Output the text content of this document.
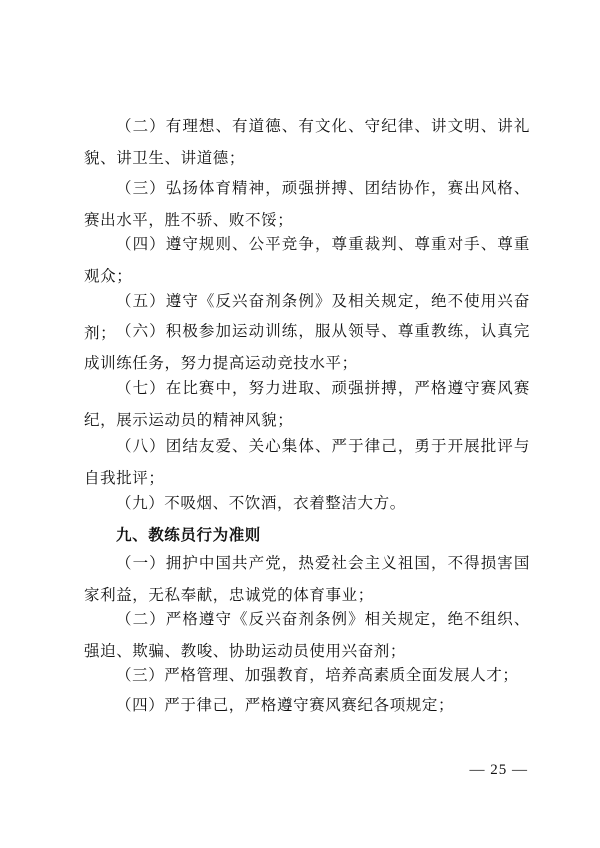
（二）有理想、有道德、有文化、守纪律、讲文明、讲礼貌、讲卫生、讲道德；

（三）弘扬体育精神，顽强拼搏、团结协作，赛出风格、赛出水平，胜不骄、败不馁；

（四）遵守规则、公平竞争，尊重裁判、尊重对手、尊重观众；

（五）遵守《反兴奋剂条例》及相关规定，绝不使用兴奋剂； （六）积极参加运动训练，服从领导、尊重教练，认真完成训练任务，努力提高运动竞技水平；

（七）在比赛中，努力进取、顽强拼搏，严格遵守赛风赛纪，展示运动员的精神风貌；

（八）团结友爱、关心集体、严于律己，勇于开展批评与自我批评；

（九）不吸烟、不饮酒，衣着整洁大方。

九、教练员行为准则

（一）拥护中国共产党，热爱社会主义祖国，不得损害国家利益，无私奉献，忠诚党的体育事业；

（二）严格遵守《反兴奋剂条例》相关规定，绝不组织、强迫、欺骗、教唆、协助运动员使用兴奋剂；

（三）严格管理、加强教育，培养高素质全面发展人才；

（四）严于律己，严格遵守赛风赛纪各项规定；

— 25 —
